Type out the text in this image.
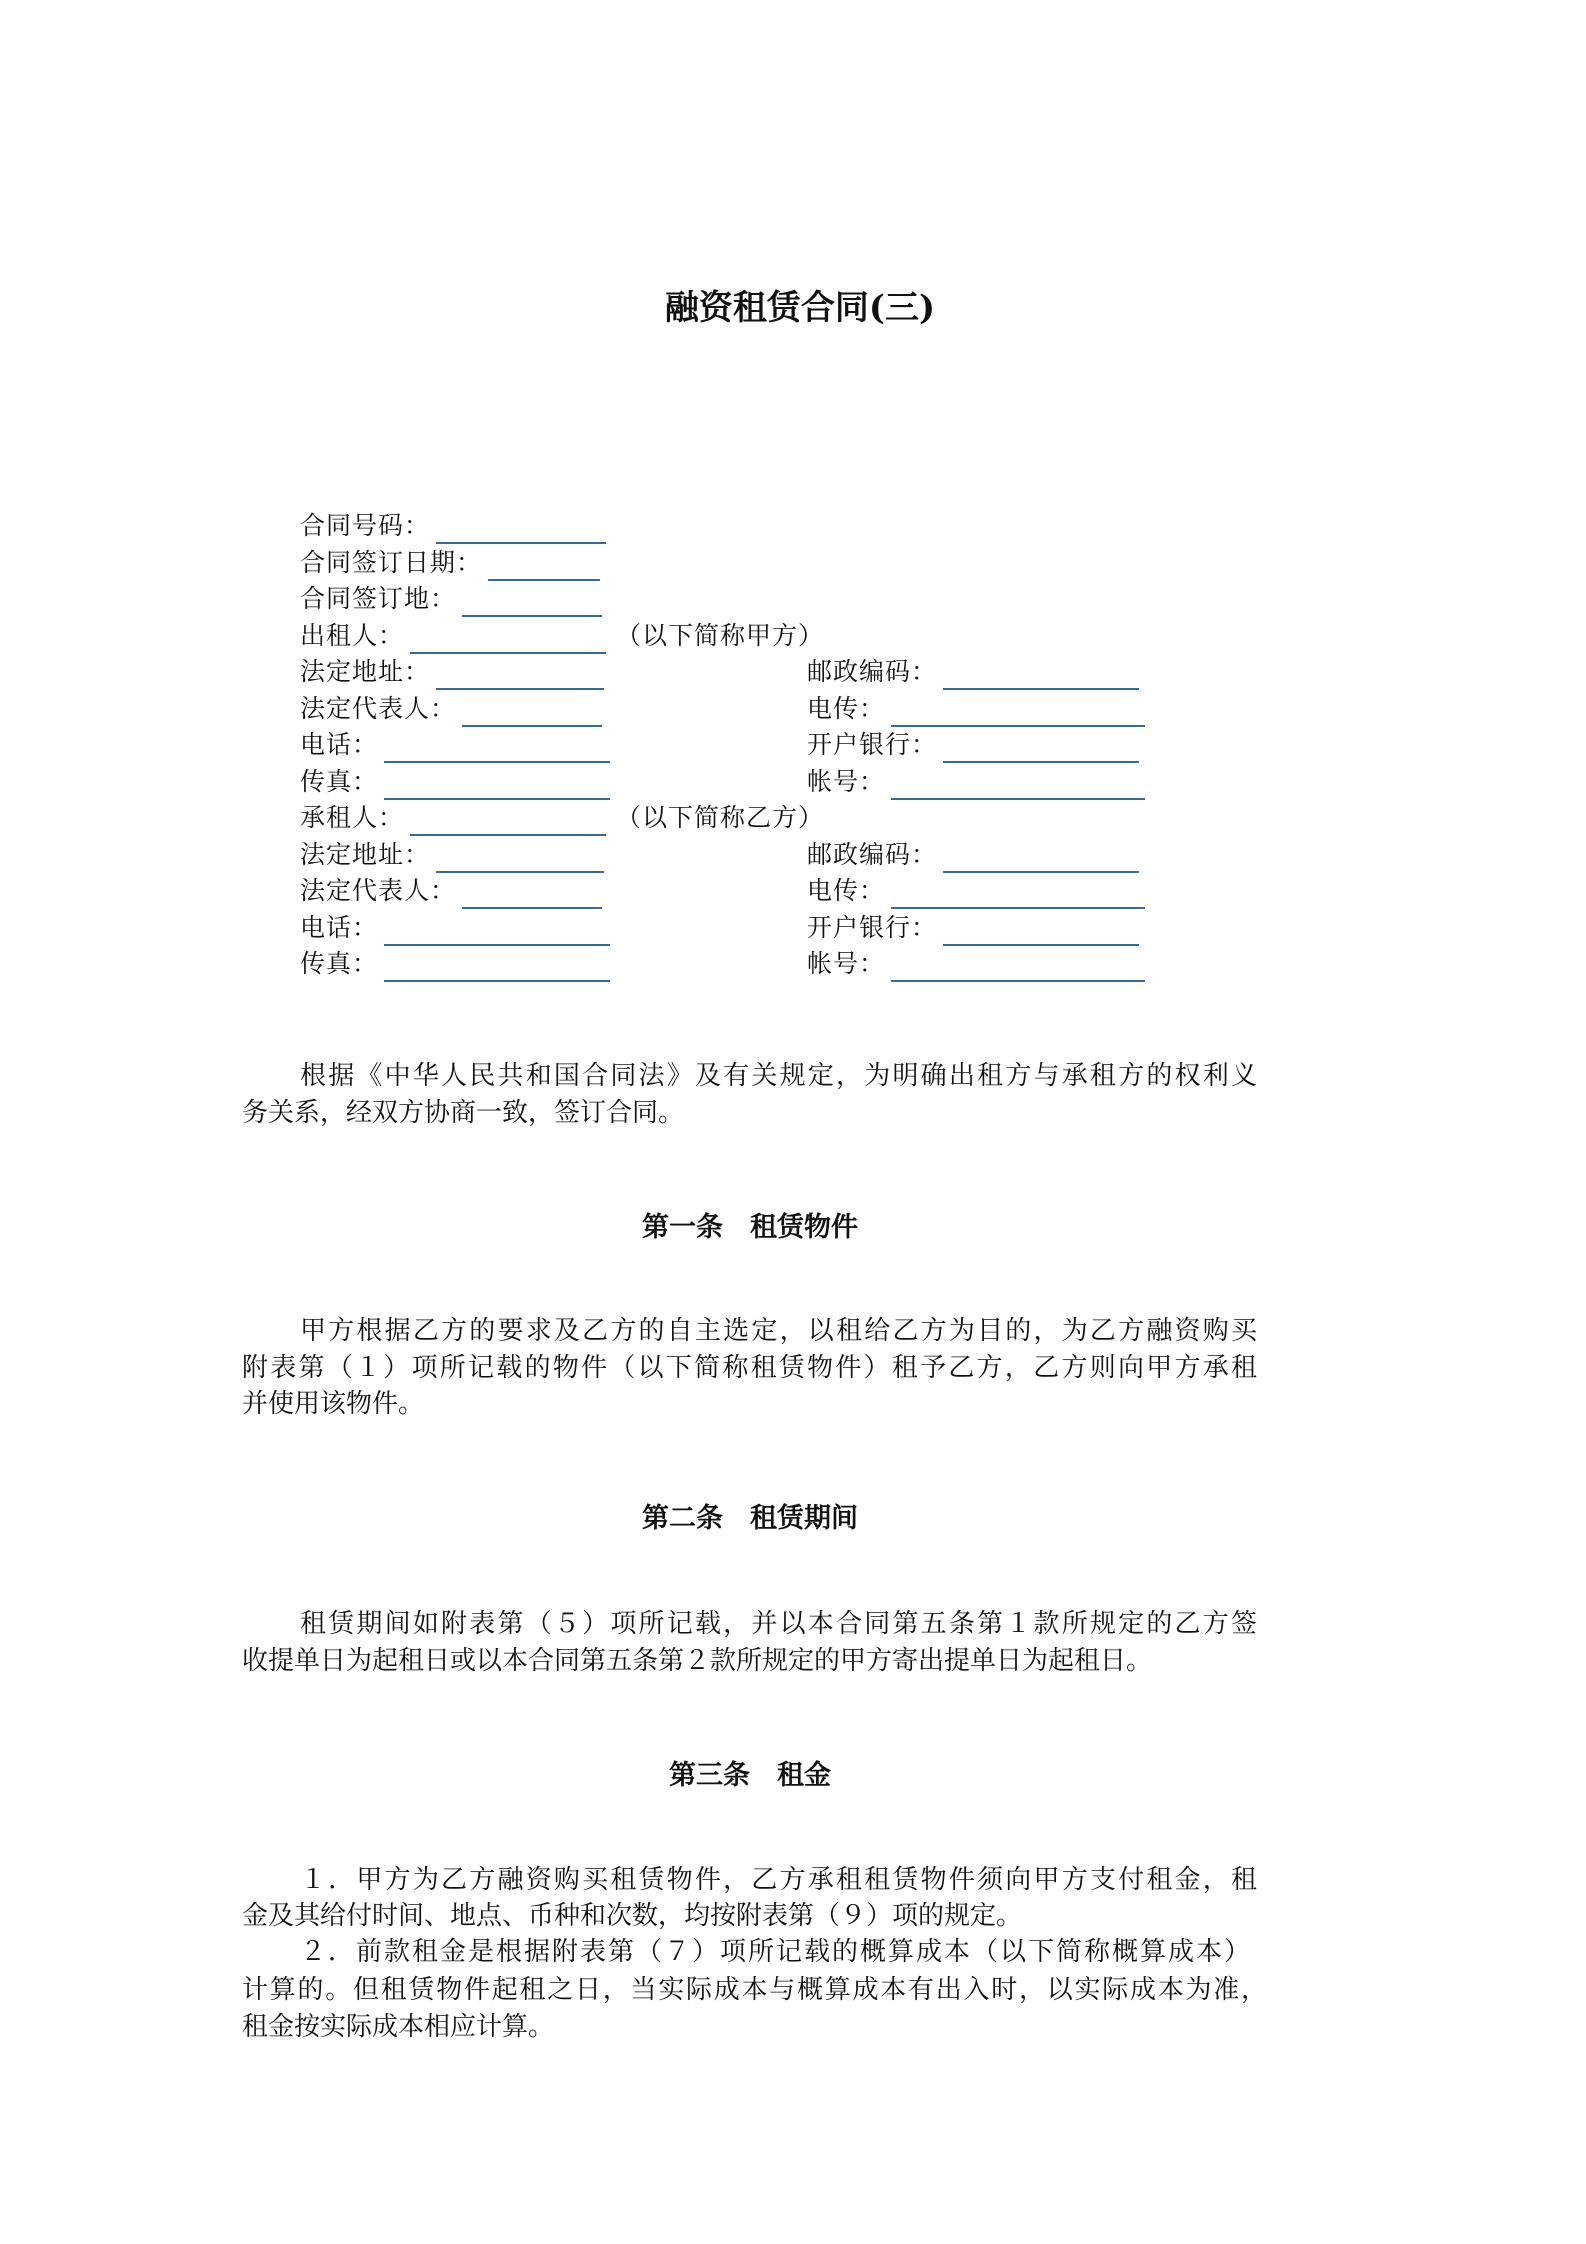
融资租赁合同(三)
合同号码：
合同签订日期：
合同签订地：
出租人：	（以下简称甲方）
法定地址：	邮政编码：
法定代表人：	电传：
电话：	开户银行：
传真：	帐号：
承租人：	（以下简称乙方）
法定地址：	邮政编码：
法定代表人：	电传：
电话：	开户银行：
传真：	帐号：
根据《中华人民共和国合同法》及有关规定，为明确出租方与承租方的权利义
务关系，经双方协商一致，签订合同。
第一条　租赁物件
甲方根据乙方的要求及乙方的自主选定，以租给乙方为目的，为乙方融资购买
附表第（１）项所记载的物件（以下简称租赁物件）租予乙方，乙方则向甲方承租
并使用该物件。
第二条　租赁期间
租赁期间如附表第（５）项所记载，并以本合同第五条第１款所规定的乙方签
收提单日为起租日或以本合同第五条第２款所规定的甲方寄出提单日为起租日。
第三条　租金
１．甲方为乙方融资购买租赁物件，乙方承租租赁物件须向甲方支付租金，租
金及其给付时间、地点、币种和次数，均按附表第（９）项的规定。
２．前款租金是根据附表第（７）项所记载的概算成本（以下简称概算成本）
计算的。但租赁物件起租之日，当实际成本与概算成本有出入时，以实际成本为准，
租金按实际成本相应计算。
